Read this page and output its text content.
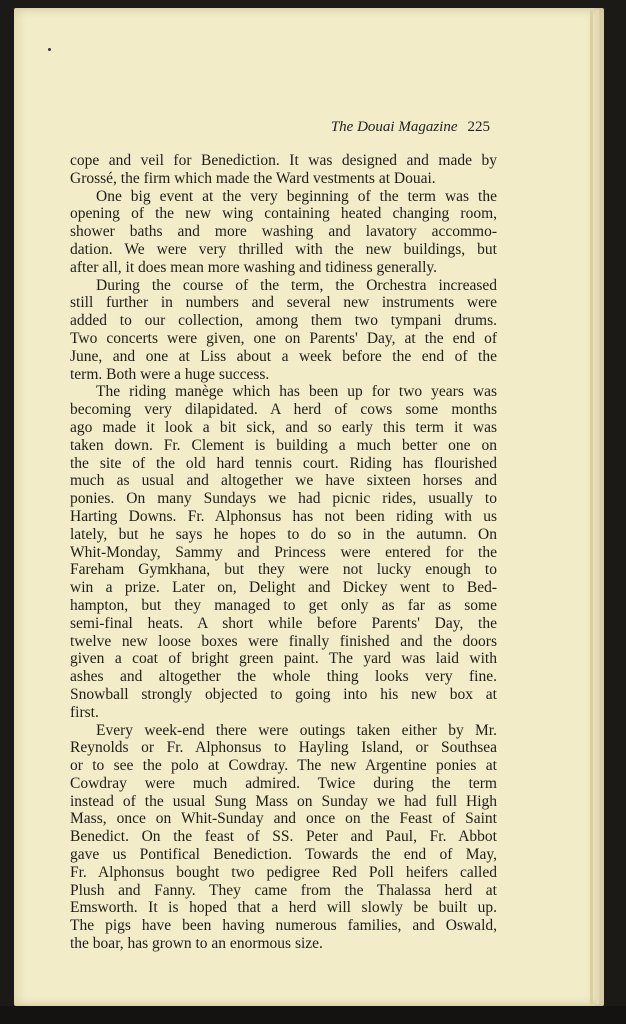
The Douai Magazine 225

cope and veil for Benediction. It was designed and made by
Grossé, the firm which made the Ward vestments at Douai.

One big event at the very beginning of the term was the
opening of the new wing containing heated changing room,
shower baths and more washing and lavatory accommo-
dation. We were very thrilled with the new buildings, but
after all, it does mean more washing and tidiness generally.

During the course of the term, the Orchestra increased
still further in numbers and several new instruments were
added to our collection, among them two tympani drums.
Two concerts were given, one on Parents' Day, at the end of
June, and one at Liss about a week before the end of the
term. Both were a huge success.

The riding manège which has been up for two years was
becoming very dilapidated. A herd of cows some months
ago made it look a bit sick, and so early this term it was
taken down. Fr. Clement is building a much better one on
the site of the old hard tennis court. Riding has flourished
much as usual and altogether we have sixteen horses and
ponies. On many Sundays we had picnic rides, usually to
Harting Downs. Fr. Alphonsus has not been riding with us
lately, but he says he hopes to do so in the autumn. On
Whit-Monday, Sammy and Princess were entered for the
Fareham Gymkhana, but they were not lucky enough to
win a prize. Later on, Delight and Dickey went to Bed-
hampton, but they managed to get only as far as some
semi-final heats. A short while before Parents' Day, the
twelve new loose boxes were finally finished and the doors
given a coat of bright green paint. The yard was laid with
ashes and altogether the whole thing looks very fine.
Snowball strongly objected to going into his new box at
first.

Every week-end there were outings taken either by Mr.
Reynolds or Fr. Alphonsus to Hayling Island, or Southsea
or to see the polo at Cowdray. The new Argentine ponies at
Cowdray were much admired. Twice during the term
instead of the usual Sung Mass on Sunday we had full High
Mass, once on Whit-Sunday and once on the Feast of Saint
Benedict. On the feast of SS. Peter and Paul, Fr. Abbot
gave us Pontifical Benediction. Towards the end of May,
Fr. Alphonsus bought two pedigree Red Poll heifers called
Plush and Fanny. They came from the Thalassa herd at
Emsworth. It is hoped that a herd will slowly be built up.
The pigs have been having numerous families, and Oswald,
the boar, has grown to an enormous size.
